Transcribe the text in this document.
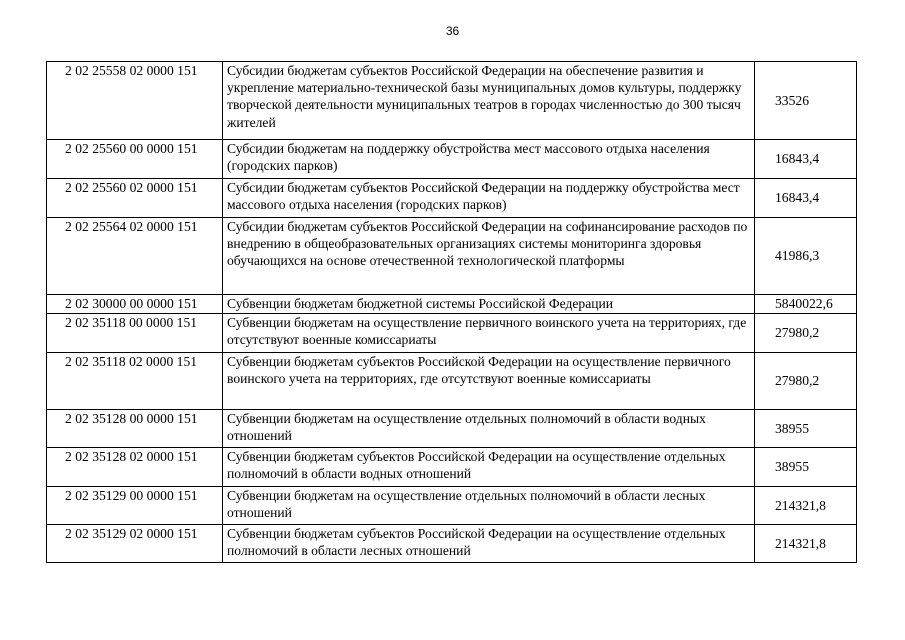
36
2 02 25558 02 0000 151	Субсидии бюджетам субъектов Российской Федерации на обеспечение развития и укрепление материально-технической базы муниципальных домов культуры, поддержку творческой деятельности муниципальных театров в городах численностью до 300 тысяч жителей	33526
2 02 25560 00 0000 151	Субсидии бюджетам на поддержку обустройства мест массового отдыха населения (городских парков)	16843,4
2 02 25560 02 0000 151	Субсидии бюджетам субъектов Российской Федерации на поддержку обустройства мест массового отдыха населения (городских парков)	16843,4
2 02 25564 02 0000 151	Субсидии бюджетам субъектов Российской Федерации на софинансирование расходов по внедрению в общеобразовательных организациях системы мониторинга здоровья обучающихся на основе отечественной технологической платформы	41986,3
2 02 30000 00 0000 151	Субвенции бюджетам бюджетной системы Российской Федерации	5840022,6
2 02 35118 00 0000 151	Субвенции бюджетам на осуществление первичного воинского учета на территориях, где отсутствуют военные комиссариаты	27980,2
2 02 35118 02 0000 151	Субвенции бюджетам субъектов Российской Федерации на осуществление первичного воинского учета на территориях, где отсутствуют военные комиссариаты	27980,2
2 02 35128 00 0000 151	Субвенции бюджетам на осуществление отдельных полномочий в области водных отношений	38955
2 02 35128 02 0000 151	Субвенции бюджетам субъектов Российской Федерации на осуществление отдельных полномочий в области водных отношений	38955
2 02 35129 00 0000 151	Субвенции бюджетам на осуществление отдельных полномочий в области лесных отношений	214321,8
2 02 35129 02 0000 151	Субвенции бюджетам субъектов Российской Федерации на осуществление отдельных полномочий в области лесных отношений	214321,8
